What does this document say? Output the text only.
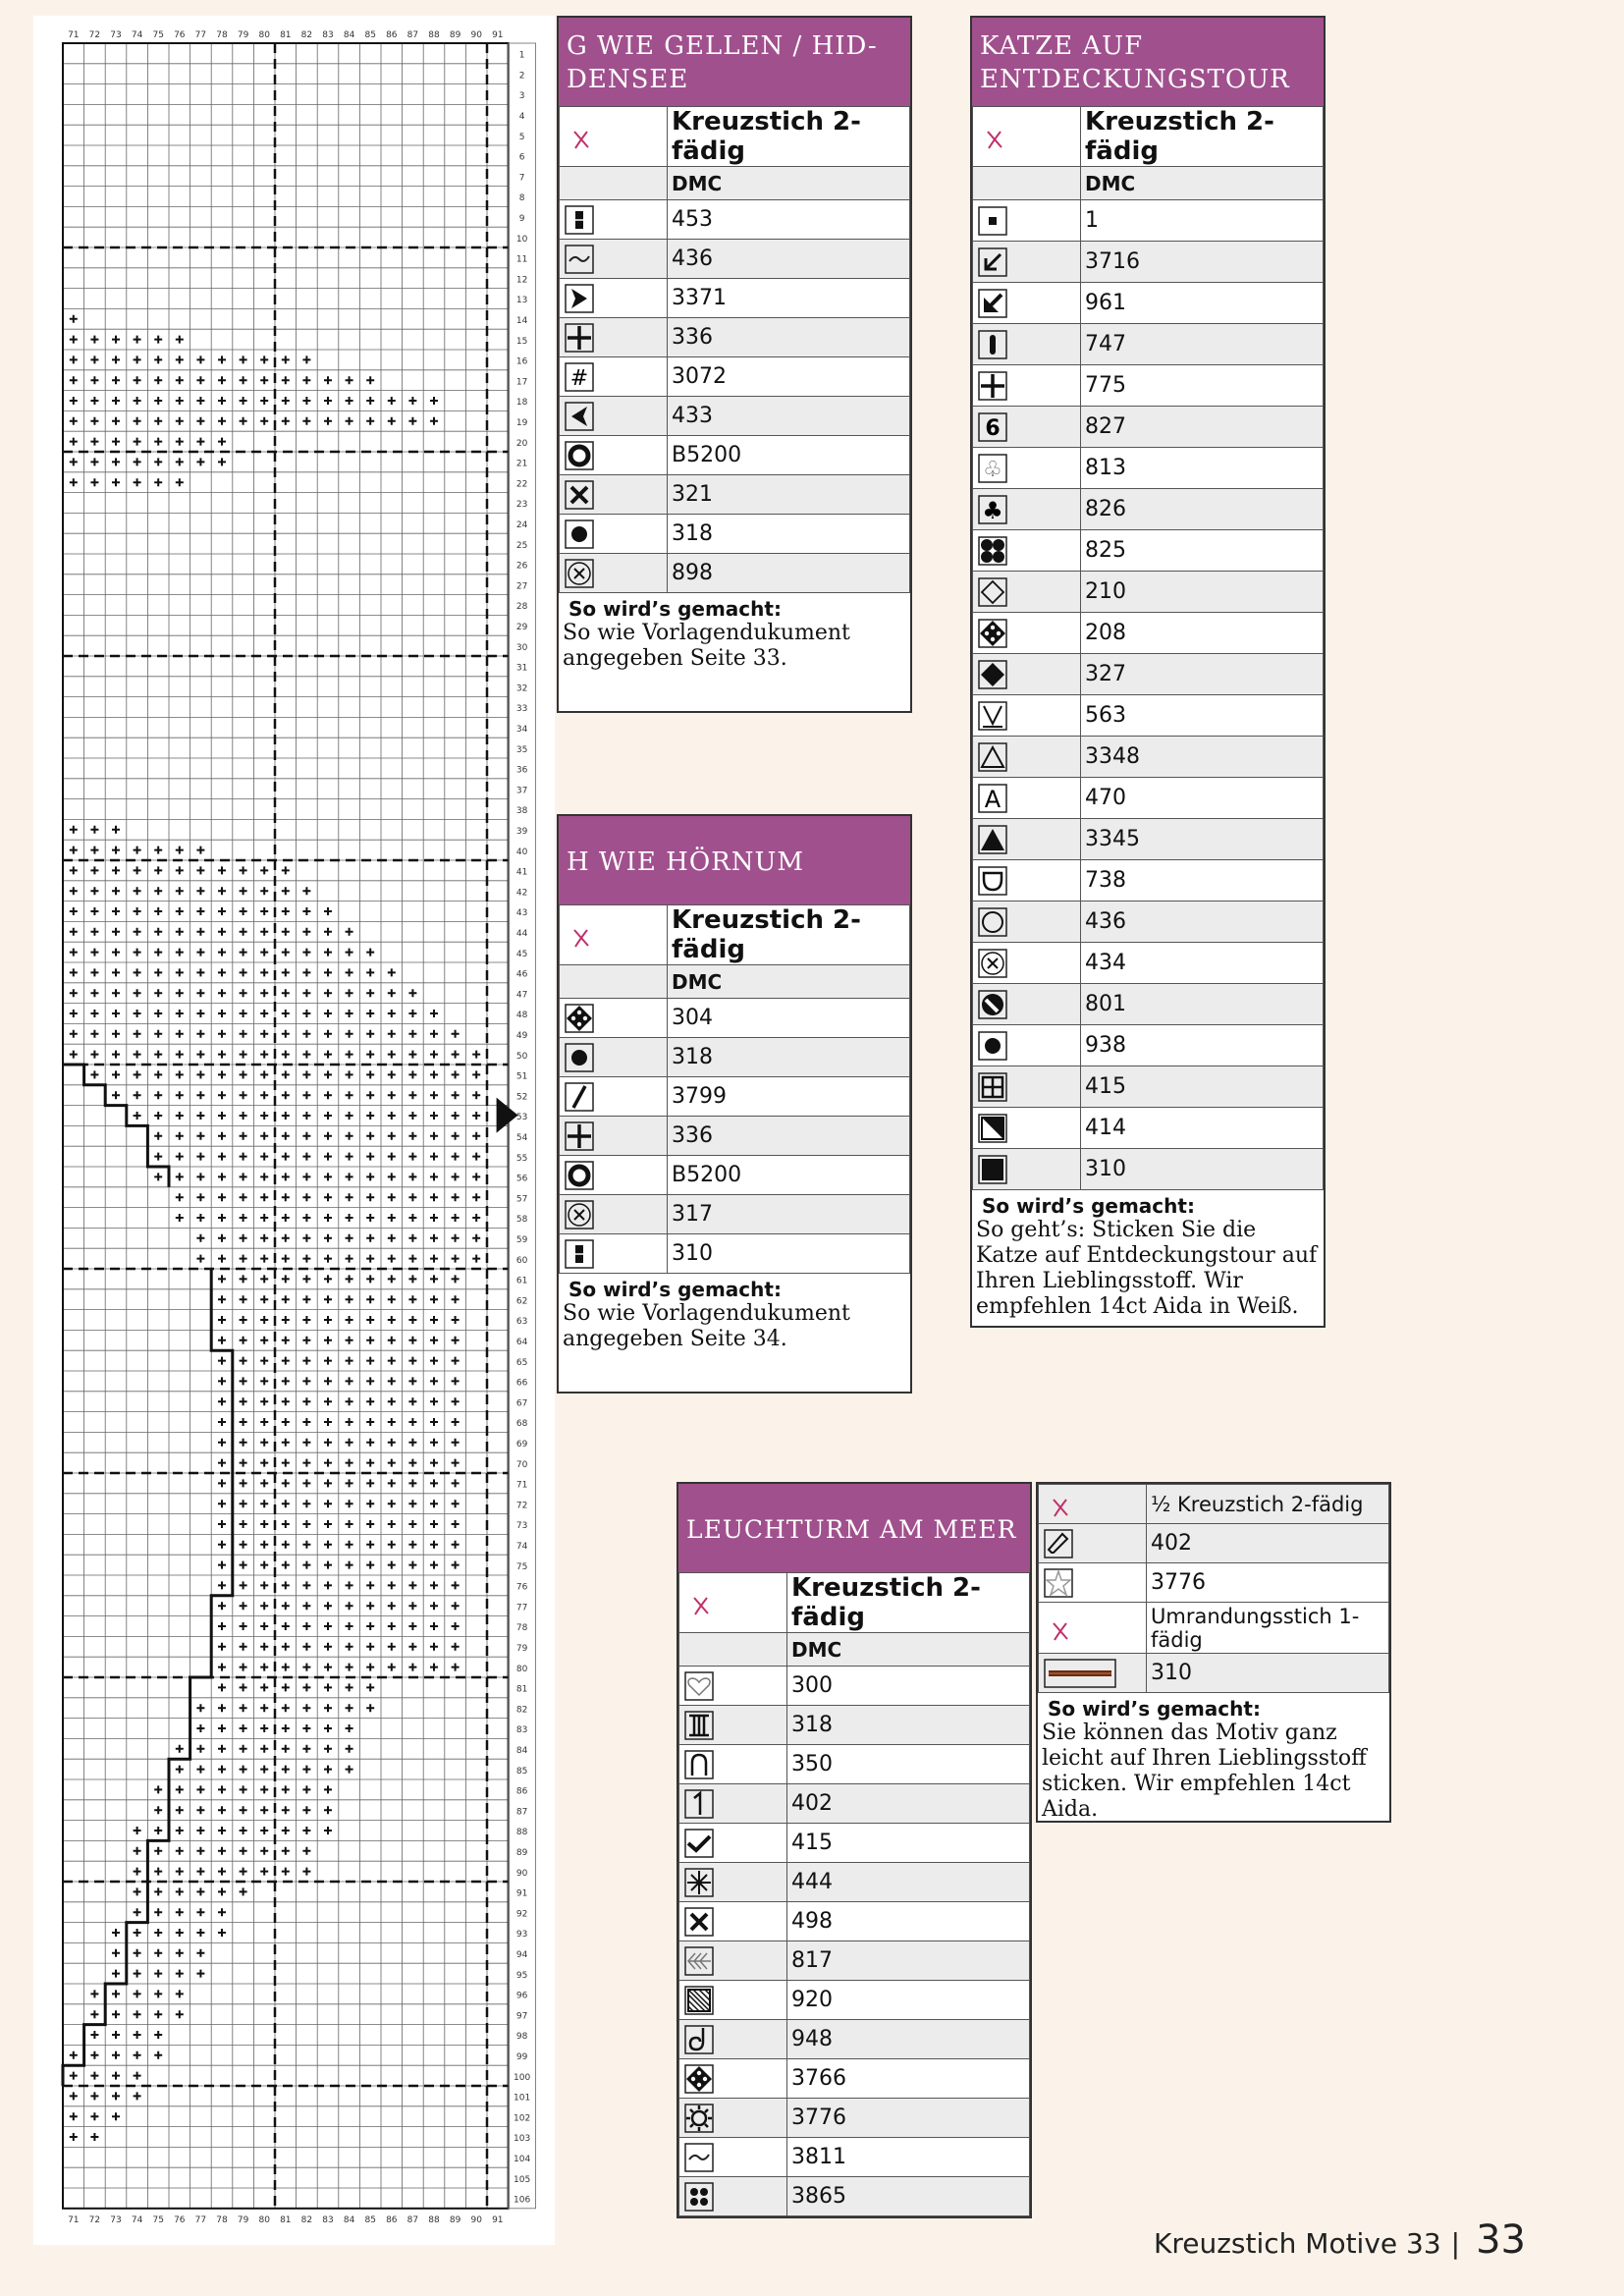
71
71
72
72
73
73
74
74
75
75
76
76
77
77
78
78
79
79
80
80
81
81
82
82
83
83
84
84
85
85
86
86
87
87
88
88
89
89
90
90
91
91
1
2
3
4
5
6
7
8
9
10
11
12
13
14
15
16
17
18
19
20
21
22
23
24
25
26
27
28
29
30
31
32
33
34
35
36
37
38
39
40
41
42
43
44
45
46
47
48
49
50
51
52
53
54
55
56
57
58
59
60
61
62
63
64
65
66
67
68
69
70
71
72
73
74
75
76
77
78
79
80
81
82
83
84
85
86
87
88
89
90
91
92
93
94
95
96
97
98
99
100
101
102
103
104
105
106
G WIE GELLEN / HID-DENSEE
	Kreuzstich 2-fädig
	DMC

	453

	436

	3371

	336

#	3072

	433

	B5200

	321

	318

	898
So wird’s gemacht:
So wie Vorlagendukument angegeben Seite 33.
H WIE HÖRNUM
	Kreuzstich 2-fädig
	DMC

	304

	318

	3799

	336

	B5200

	317

	310
So wird’s gemacht:
So wie Vorlagendukument angegeben Seite 34.
KATZE AUF ENTDECKUNGSTOUR
	Kreuzstich 2-fädig
	DMC

	1

	3716

	961

	747

	775

6	827

♧	813

♣	826

	825

	210

	208

	327

	563

	3348

A	470

	3345

	738

	436

	434

	801

	938

	415

	414

	310
So wird’s gemacht:
So geht’s: Sticken Sie die Katze auf Entdeckungstour auf Ihren Lieblingsstoff. Wir empfehlen 14ct Aida in Weiß.
LEUCHTURM AM MEER
	Kreuzstich 2-fädig
	DMC

	300

	318

	350

	402

	415

	444

	498

	817

	920

	948

	3766

	3776

	3811

	3865
	½ Kreuzstich 2-fädig

	402

	3776

	Umrandungsstich 1-fädig

	310
So wird’s gemacht:
Sie können das Motiv ganz leicht auf Ihren Lieblingsstoff sticken. Wir empfehlen 14ct Aida.
Kreuzstich Motive 33 | 33
